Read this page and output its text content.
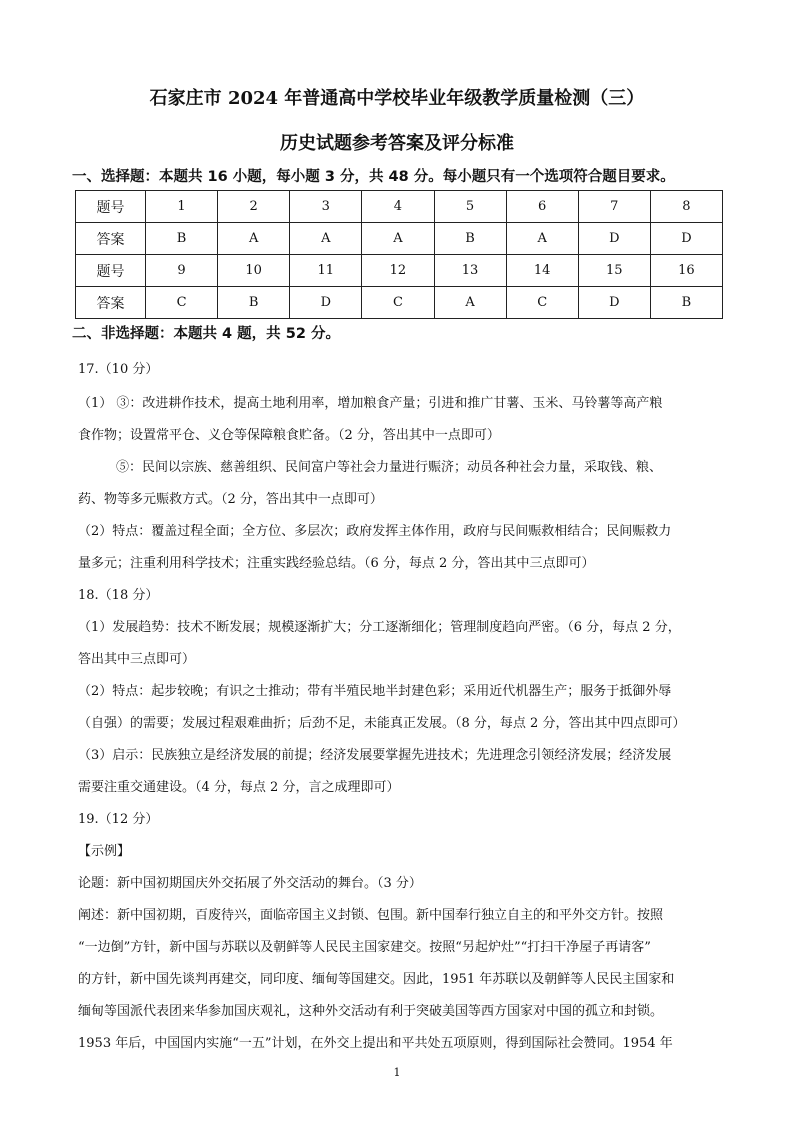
石家庄市 2024 年普通高中学校毕业年级教学质量检测（三）
历史试题参考答案及评分标准
一、选择题：本题共 16 小题，每小题 3 分，共 48 分。每小题只有一个选项符合题目要求。
题号	1	2	3	4	5	6	7	8
答案	B	A	A	A	B	A	D	D
题号	9	10	11	12	13	14	15	16
答案	C	B	D	C	A	C	D	B
二、非选择题：本题共 4 题，共 52 分。
17.（10 分）
（1） ③：改进耕作技术，提高土地利用率，增加粮食产量；引进和推广甘薯、玉米、马铃薯等高产粮
食作物；设置常平仓、义仓等保障粮食贮备。（2 分，答出其中一点即可）
⑤：民间以宗族、慈善组织、民间富户等社会力量进行赈济；动员各种社会力量，采取钱、粮、
药、物等多元赈救方式。（2 分，答出其中一点即可）
（2）特点：覆盖过程全面；全方位、多层次；政府发挥主体作用，政府与民间赈救相结合；民间赈救力
量多元；注重利用科学技术；注重实践经验总结。（6 分，每点 2 分，答出其中三点即可）
18.（18 分）
（1）发展趋势：技术不断发展；规模逐渐扩大；分工逐渐细化；管理制度趋向严密。（6 分，每点 2 分，
答出其中三点即可）
（2）特点：起步较晚；有识之士推动；带有半殖民地半封建色彩；采用近代机器生产；服务于抵御外辱
（自强）的需要；发展过程艰难曲折；后劲不足，未能真正发展。（8 分，每点 2 分，答出其中四点即可）
（3）启示：民族独立是经济发展的前提；经济发展要掌握先进技术；先进理念引领经济发展；经济发展
需要注重交通建设。（4 分，每点 2 分，言之成理即可）
19.（12 分）
【示例】
论题：新中国初期国庆外交拓展了外交活动的舞台。（3 分）
阐述：新中国初期，百废待兴，面临帝国主义封锁、包围。新中国奉行独立自主的和平外交方针。按照
“一边倒”方针，新中国与苏联以及朝鲜等人民民主国家建交。按照“另起炉灶”“打扫干净屋子再请客”
的方针，新中国先谈判再建交，同印度、缅甸等国建交。因此，1951 年苏联以及朝鲜等人民民主国家和
缅甸等国派代表团来华参加国庆观礼，这种外交活动有利于突破美国等西方国家对中国的孤立和封锁。
1953 年后，中国国内实施“一五”计划，在外交上提出和平共处五项原则，得到国际社会赞同。1954 年
1
